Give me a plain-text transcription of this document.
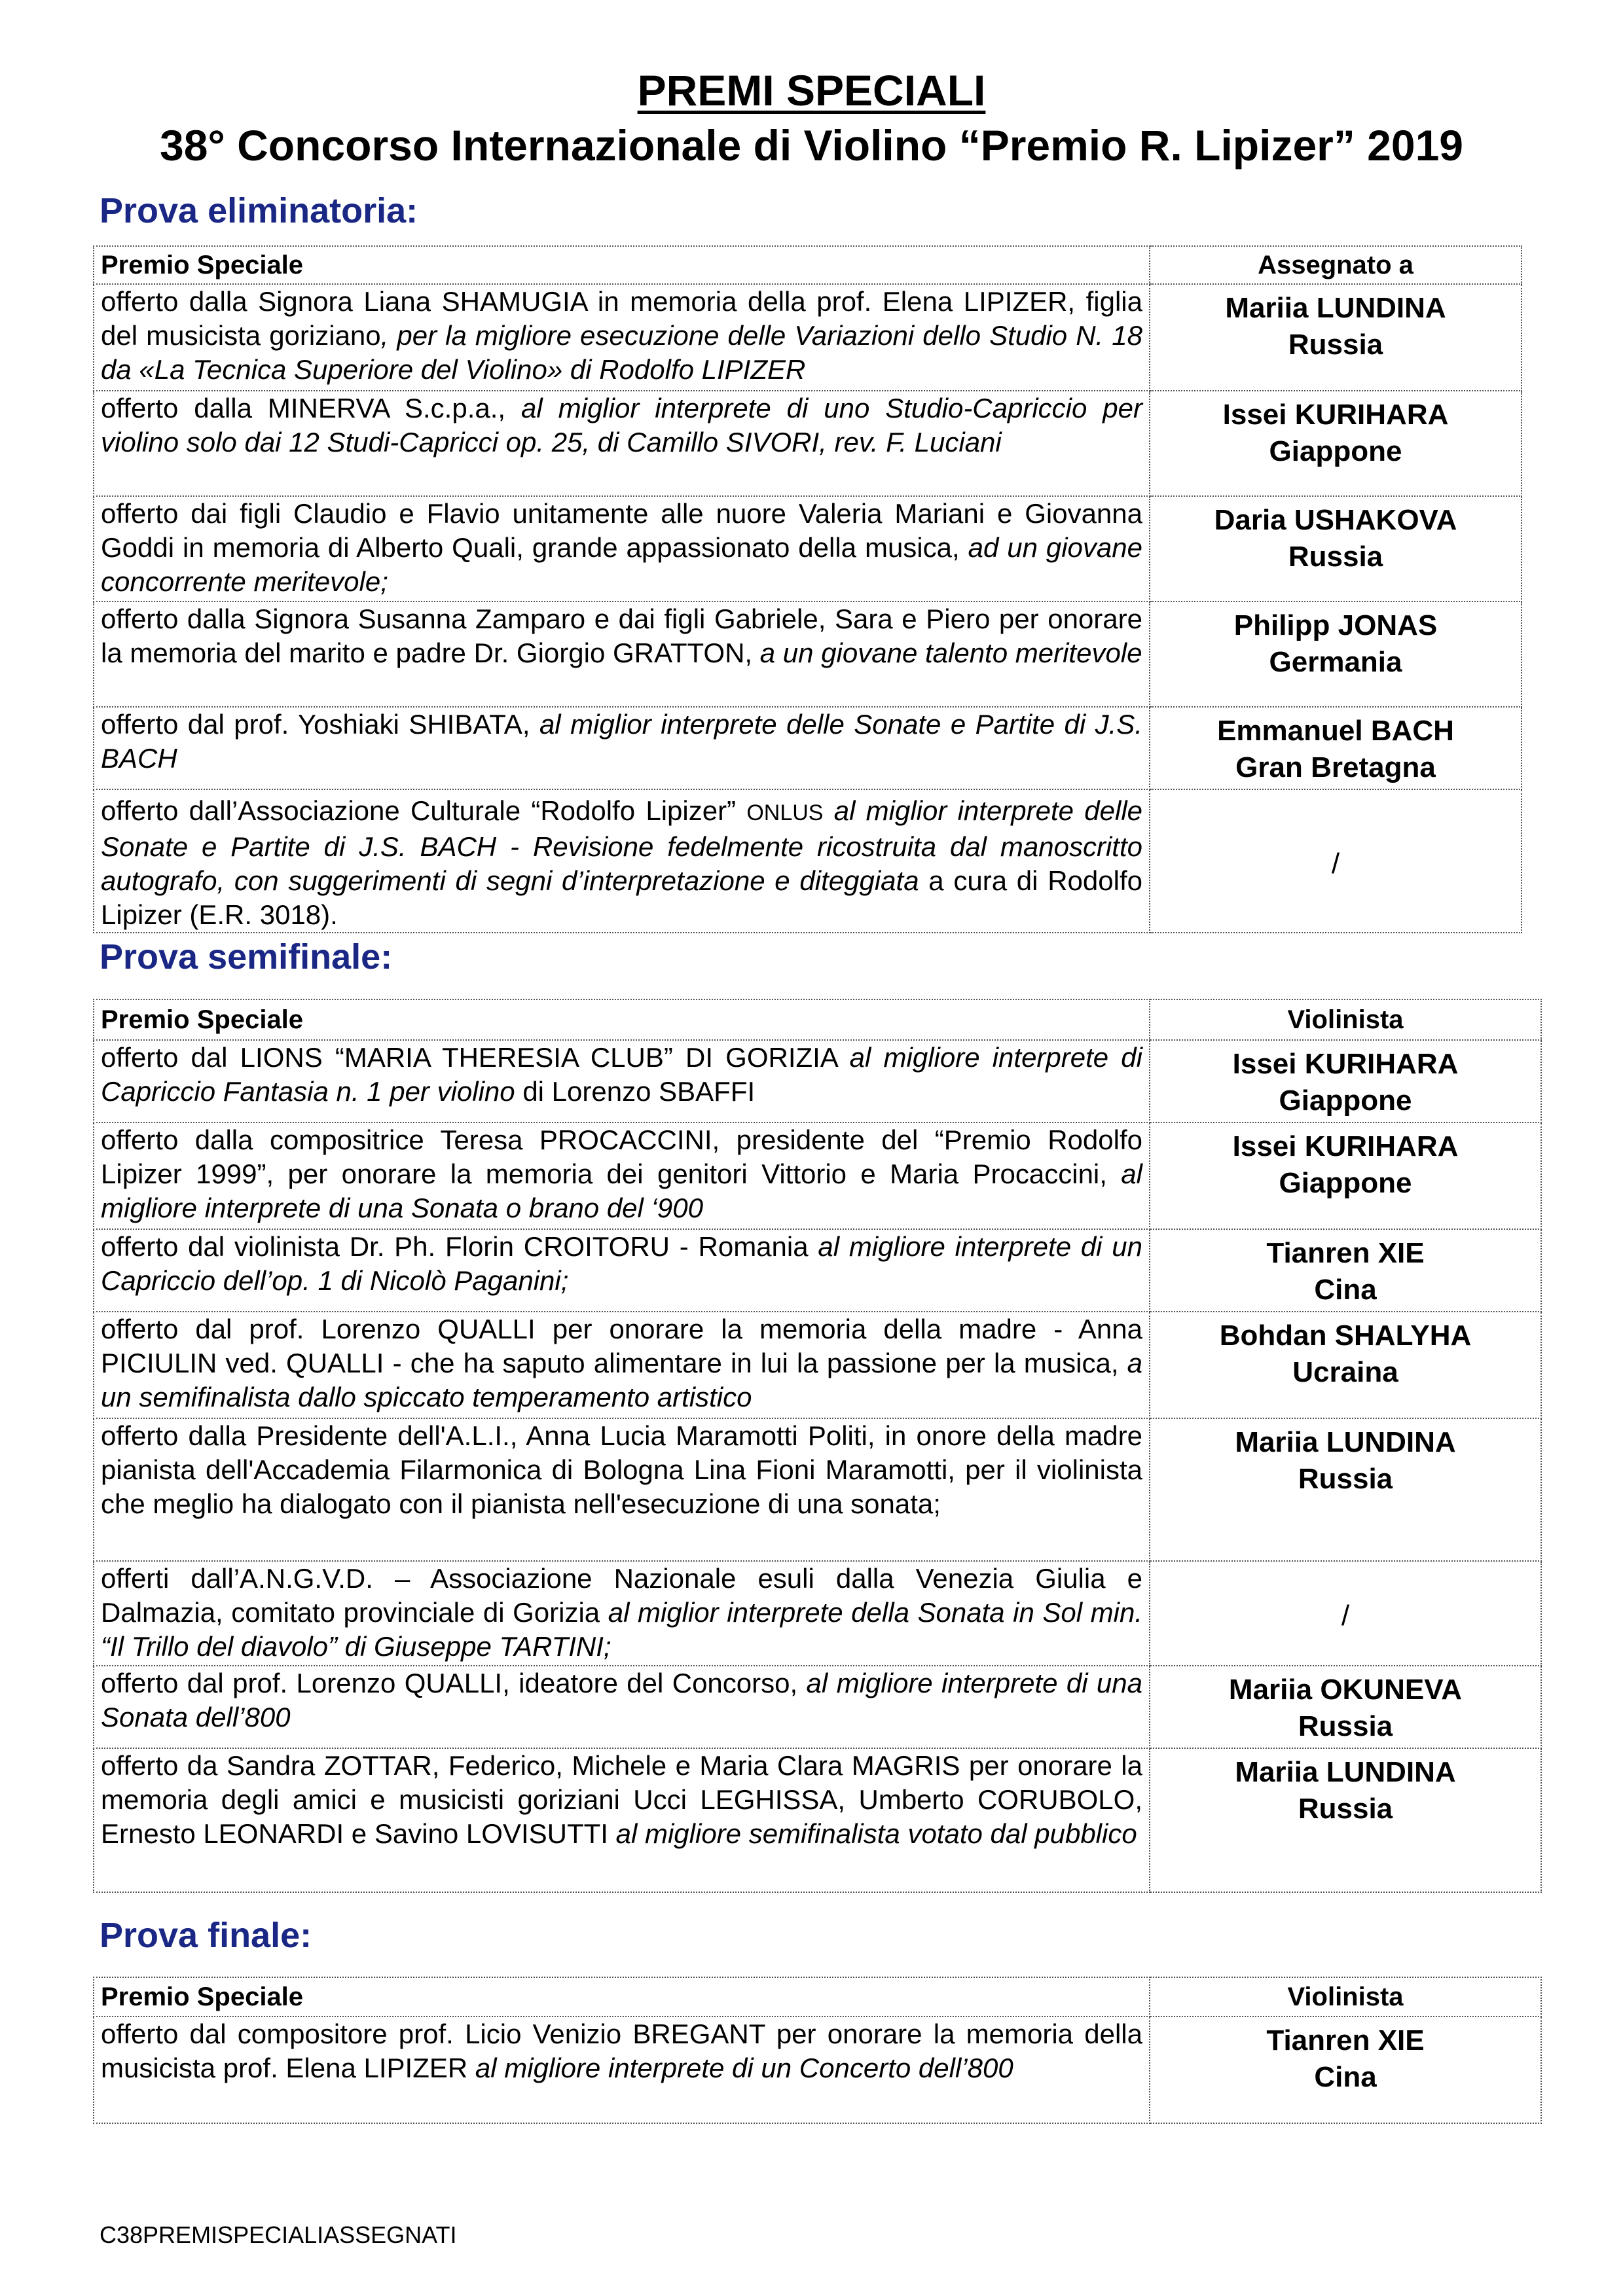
PREMI SPECIALI
38° Concorso Internazionale di Violino “Premio R. Lipizer” 2019
Prova eliminatoria:
Premio Speciale	Assegnato a
offerto dalla Signora Liana SHAMUGIA in memoria della prof. Elena LIPIZER, figlia del musicista goriziano, per la migliore esecuzione delle Variazioni dello Studio N. 18 da «La Tecnica Superiore del Violino» di Rodolfo LIPIZER	Mariia LUNDINA
Russia

offerto dalla MINERVA S.c.p.a., al miglior interprete di uno Studio-Capriccio per violino solo dai 12 Studi-Capricci op. 25, di Camillo SIVORI, rev. F. Luciani	Issei KURIHARA
Giappone

offerto dai figli Claudio e Flavio unitamente alle nuore Valeria Mariani e Giovanna Goddi in memoria di Alberto Quali, grande appassionato della musica, ad un giovane concorrente meritevole;	Daria USHAKOVA
Russia

offerto dalla Signora Susanna Zamparo e dai figli Gabriele, Sara e Piero per onorare la memoria del marito e padre Dr. Giorgio GRATTON, a un giovane talento meritevole	Philipp JONAS
Germania

offerto dal prof. Yoshiaki SHIBATA, al miglior interprete delle Sonate e Partite di J.S. BACH	Emmanuel BACH
Gran Bretagna

offerto dall’Associazione Culturale “Rodolfo Lipizer” ONLUS al miglior interprete delle Sonate e Partite di J.S. BACH - Revisione fedelmente ricostruita dal manoscritto autografo, con suggerimenti di segni d’interpretazione e diteggiata a cura di Rodolfo Lipizer (E.R. 3018).	/
Prova semifinale:
Premio Speciale	Violinista
offerto dal LIONS “MARIA THERESIA CLUB” DI GORIZIA al migliore interprete di Capriccio Fantasia n. 1 per violino di Lorenzo SBAFFI	Issei KURIHARA
Giappone

offerto dalla compositrice Teresa PROCACCINI, presidente del “Premio Rodolfo Lipizer 1999”, per onorare la memoria dei genitori Vittorio e Maria Procaccini, al migliore interprete di una Sonata o brano del ‘900	Issei KURIHARA
Giappone

offerto dal violinista Dr. Ph. Florin CROITORU - Romania al migliore interprete di un Capriccio dell’op. 1 di Nicolò Paganini;	Tianren XIE
Cina

offerto dal prof. Lorenzo QUALLI per onorare la memoria della madre - Anna PICIULIN ved. QUALLI - che ha saputo alimentare in lui la passione per la musica, a un semifinalista dallo spiccato temperamento artistico	Bohdan SHALYHA
Ucraina

offerto dalla Presidente dell'A.L.I., Anna Lucia Maramotti Politi, in onore della madre pianista dell'Accademia Filarmonica di Bologna Lina Fioni Maramotti, per il violinista che meglio ha dialogato con il pianista nell'esecuzione di una sonata;	Mariia LUNDINA
Russia

offerti dall’A.N.G.V.D. – Associazione Nazionale esuli dalla Venezia Giulia e Dalmazia, comitato provinciale di Gorizia al miglior interprete della Sonata in Sol min. “Il Trillo del diavolo” di Giuseppe TARTINI;	/

offerto dal prof. Lorenzo QUALLI, ideatore del Concorso, al migliore interprete di una Sonata dell’800	Mariia OKUNEVA
Russia

offerto da Sandra ZOTTAR, Federico, Michele e Maria Clara MAGRIS per onorare la memoria degli amici e musicisti goriziani Ucci LEGHISSA, Umberto CORUBOLO, Ernesto LEONARDI e Savino LOVISUTTI al migliore semifinalista votato dal pubblico	Mariia LUNDINA
Russia
Prova finale:
Premio Speciale	Violinista
offerto dal compositore prof. Licio Venizio BREGANT per onorare la memoria della musicista prof. Elena LIPIZER al migliore interprete di un Concerto dell’800	Tianren XIE
Cina
C38PREMISPECIALIASSEGNATI
